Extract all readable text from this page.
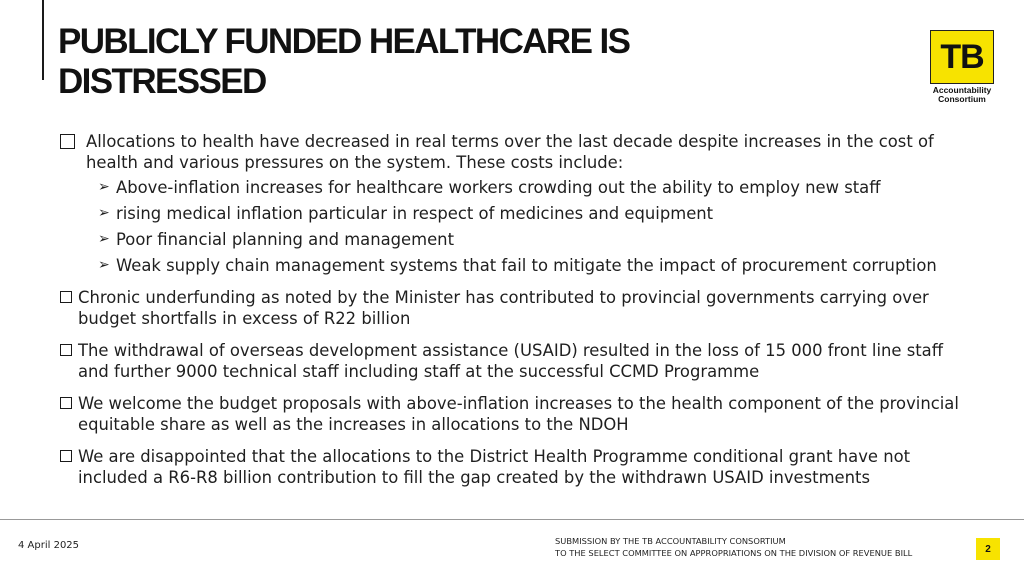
PUBLICLY FUNDED HEALTHCARE IS DISTRESSED
TB
Accountability
Consortium
Allocations to health have decreased in real terms over the last decade despite increases in the cost of health and various pressures on the system. These costs include:
➢ Above-inflation increases for healthcare workers crowding out the ability to employ new staff
➢ rising medical inflation particular in respect of medicines and equipment
➢ Poor financial planning and management
➢ Weak supply chain management systems that fail to mitigate the impact of procurement corruption
Chronic underfunding as noted by the Minister has contributed to provincial governments carrying over budget shortfalls in excess of R22 billion
The withdrawal of overseas development assistance (USAID) resulted in the loss of 15 000 front line staff and further 9000 technical staff including staff at the successful CCMD Programme
We welcome the budget proposals with above-inflation increases to the health component of the provincial equitable share as well as the increases in allocations to the NDOH
We are disappointed that the allocations to the District Health Programme conditional grant have not included a R6-R8 billion contribution to fill the gap created by the withdrawn USAID investments
4 April 2025	SUBMISSION BY THE TB ACCOUNTABILITY CONSORTIUM
TO THE SELECT COMMITTEE ON APPROPRIATIONS ON THE DIVISION OF REVENUE BILL	2
